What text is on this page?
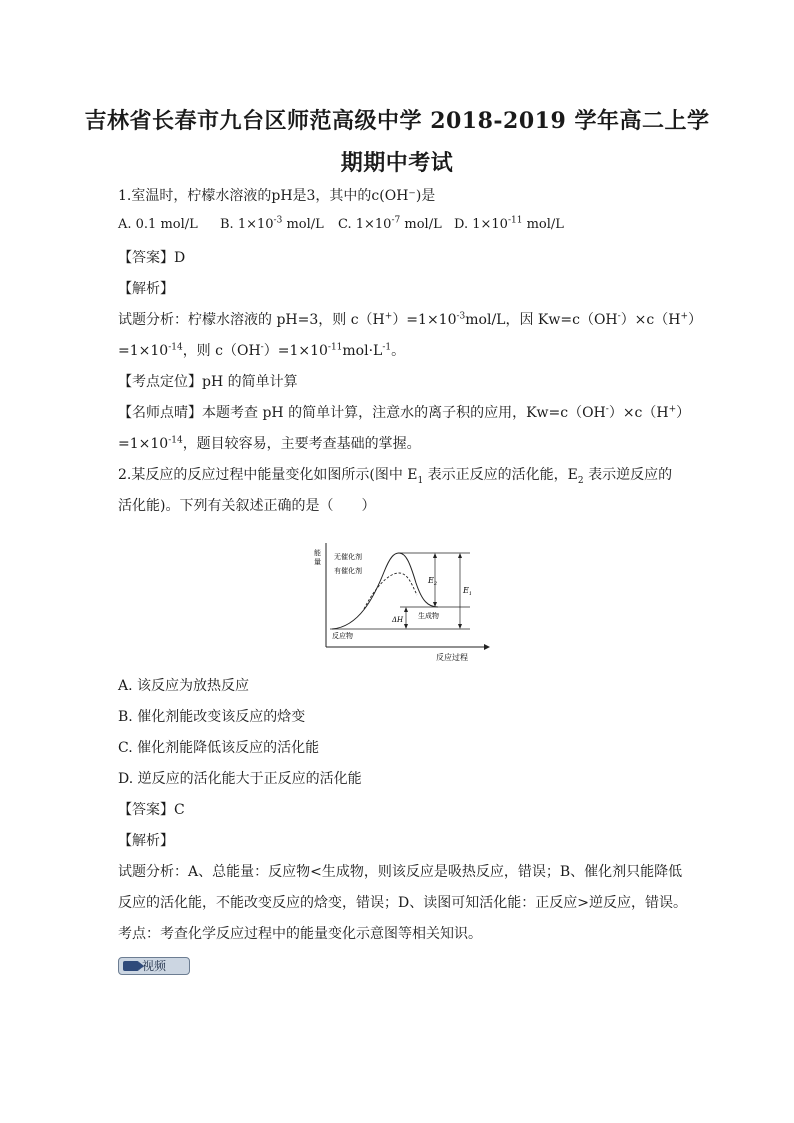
吉林省长春市九台区师范高级中学 2018-2019 学年高二上学
期期中考试
1.室温时，柠檬水溶液的pH是3，其中的c(OH⁻)是
A. 0.1 mol/L B. $1\times 10^{-3}$ mol/L C. $1\times 10^{-7}$ mol/L D. $1\times 10^{-11}$ mol/L
【答案】D
【解析】
试题分析：柠檬水溶液的 pH=3，则 $c(H^+)=1\times 10^{-3}mol/L$，因 Kw=c（OH-）×c（H+）
$=1\times 10^{-14}$，则 $c(OH^-)=1\times 10^{-11}mol\cdot L^{-1}$。
【考点定位】pH 的简单计算
【名师点晴】本题考查 pH 的简单计算，注意水的离子积的应用，Kw=c（OH-）×c（H+）
$=1\times 10^{-14}$，题目较容易，主要考查基础的掌握。
2.某反应的反应过程中能量变化如图所示(图中 $E_1$ 表示正反应的活化能，$E_2$ 表示逆反应的
活化能)。下列有关叙述正确的是（　　）
能
量
反应过程
反应物
生成物
无催化剂
有催化剂
$E_2$
$E_1$
ΔH
A. 该反应为放热反应
B. 催化剂能改变该反应的焓变
C. 催化剂能降低该反应的活化能
D. 逆反应的活化能大于正反应的活化能
【答案】C
【解析】
试题分析：A、总能量：反应物<生成物，则该反应是吸热反应，错误；B、催化剂只能降低
反应的活化能，不能改变反应的焓变，错误；D、读图可知活化能：正反应>逆反应，错误。
考点：考查化学反应过程中的能量变化示意图等相关知识。
视频
